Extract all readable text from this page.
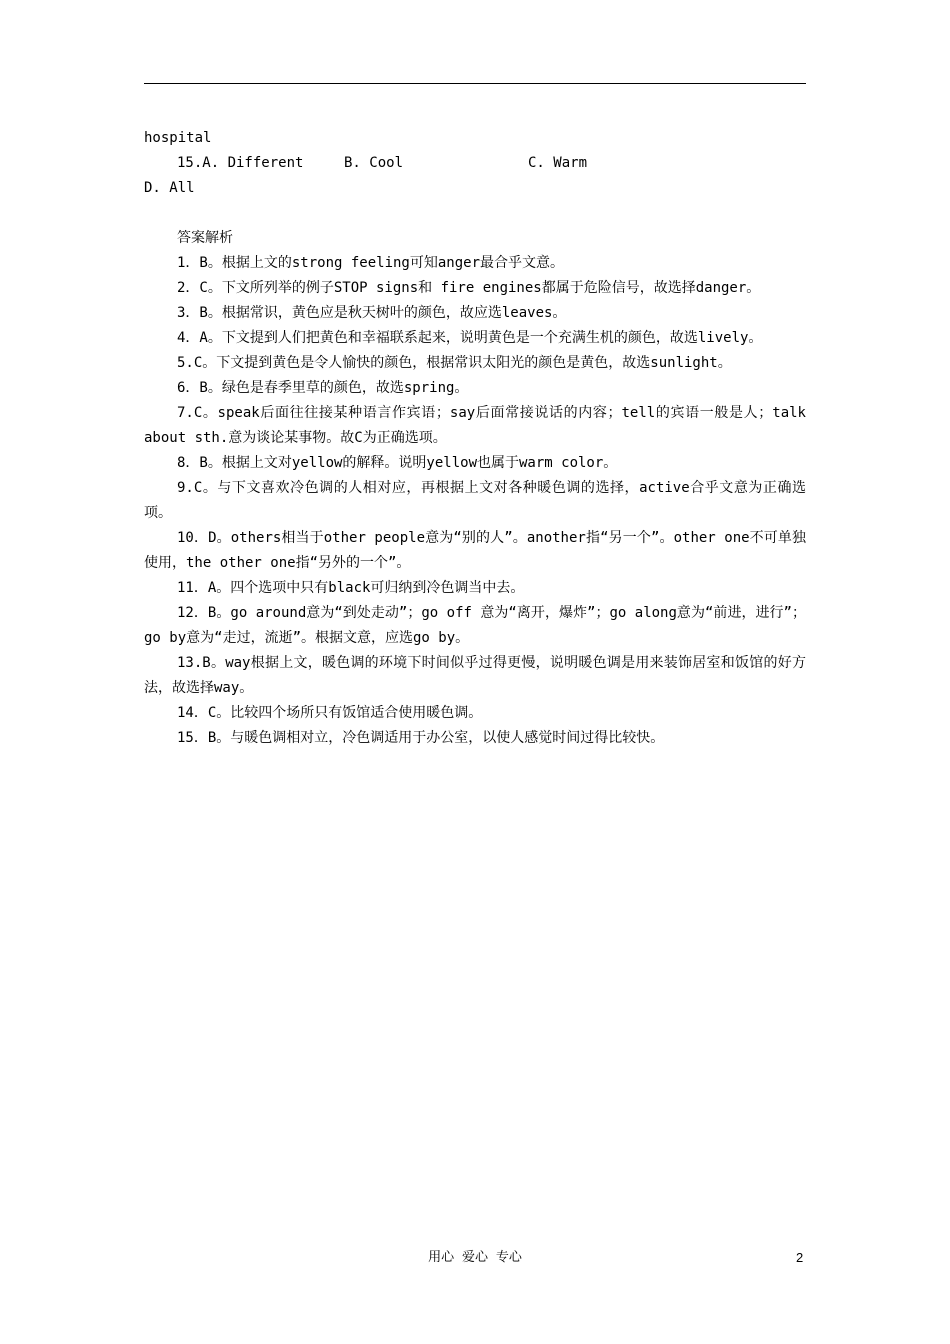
hospital
15.A. Different	B. Cool	C. Warm
D. All
答案解析
1．B。根据上文的strong feeling可知anger最合乎文意。
2．C。下文所列举的例子STOP signs和 fire engines都属于危险信号，故选择danger。
3．B。根据常识，黄色应是秋天树叶的颜色，故应选leaves。
4．A。下文提到人们把黄色和幸福联系起来，说明黄色是一个充满生机的颜色，故选lively。
5.C。下文提到黄色是令人愉快的颜色，根据常识太阳光的颜色是黄色，故选sunlight。
6．B。绿色是春季里草的颜色，故选spring。
7.C。speak后面往往接某种语言作宾语；say后面常接说话的内容；tell的宾语一般是人；talk about sth.意为谈论某事物。故C为正确选项。
8．B。根据上文对yellow的解释。说明yellow也属于warm color。
9.C。与下文喜欢冷色调的人相对应，再根据上文对各种暖色调的选择，active合乎文意为正确选项。
10．D。others相当于other people意为“别的人”。another指“另一个”。other one不可单独使用，the other one指“另外的一个”。
11．A。四个选项中只有black可归纳到冷色调当中去。
12．B。go around意为“到处走动”；go off 意为“离开，爆炸”；go along意为“前进，进行”；go by意为“走过，流逝”。根据文意，应选go by。
13.B。way根据上文，暖色调的环境下时间似乎过得更慢，说明暖色调是用来装饰居室和饭馆的好方法，故选择way。
14．C。比较四个场所只有饭馆适合使用暖色调。
15．B。与暖色调相对立，冷色调适用于办公室，以使人感觉时间过得比较快。
用心 爱心 专心	2
